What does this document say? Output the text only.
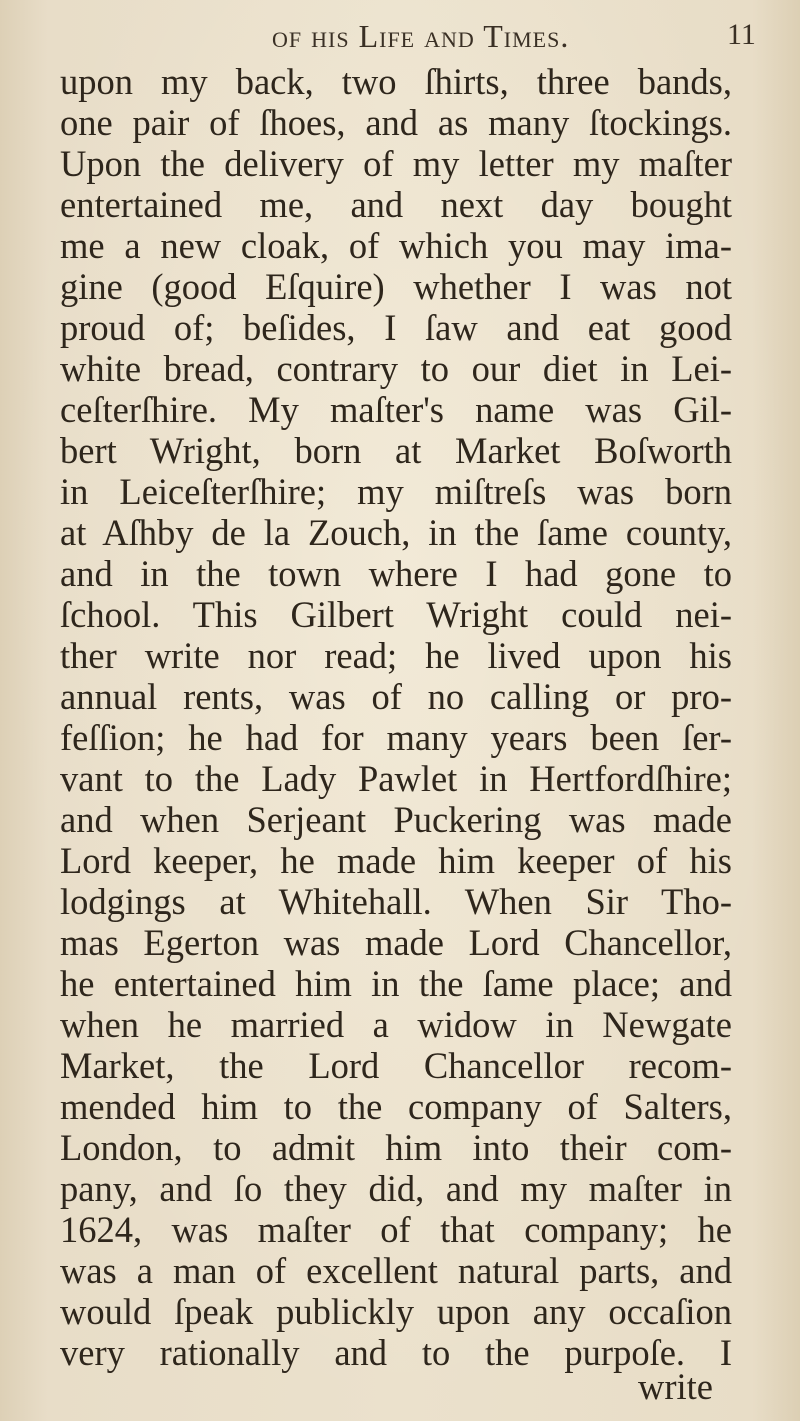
of his Life and Times.	11
upon my back, two ſhirts, three bands,
one pair of ſhoes, and as many ſtockings.
Upon the delivery of my letter my maſter
entertained me, and next day bought
me a new cloak, of which you may ima-
gine (good Eſquire) whether I was not
proud of; beſides, I ſaw and eat good
white bread, contrary to our diet in Lei-
ceſterſhire. My maſter's name was Gil-
bert Wright, born at Market Boſworth
in Leiceſterſhire; my miſtreſs was born
at Aſhby de la Zouch, in the ſame county,
and in the town where I had gone to
ſchool. This Gilbert Wright could nei-
ther write nor read; he lived upon his
annual rents, was of no calling or pro-
feſſion; he had for many years been ſer-
vant to the Lady Pawlet in Hertfordſhire;
and when Serjeant Puckering was made
Lord keeper, he made him keeper of his
lodgings at Whitehall. When Sir Tho-
mas Egerton was made Lord Chancellor,
he entertained him in the ſame place; and
when he married a widow in Newgate
Market, the Lord Chancellor recom-
mended him to the company of Salters,
London, to admit him into their com-
pany, and ſo they did, and my maſter in
1624, was maſter of that company; he
was a man of excellent natural parts, and
would ſpeak publickly upon any occaſion
very rationally and to the purpoſe. I
write
